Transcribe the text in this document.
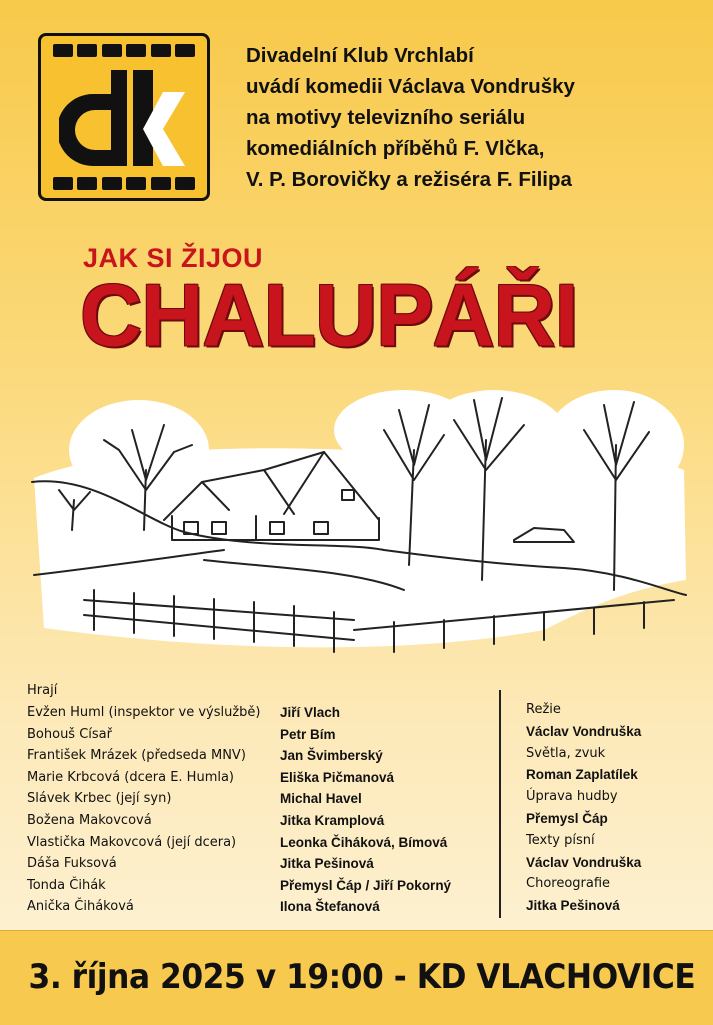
Divadelní Klub Vrchlabí
uvádí komedii Václava Vondrušky
na motivy televizního seriálu
komediálních příběhů F. Vlčka,
V. P. Borovičky a režiséra F. Filipa
JAK SI ŽIJOU
CHALUPÁŘI
Hrají
Evžen Huml (inspektor ve výslužbě)	Jiří Vlach
Bohouš Císař	Petr Bím
František Mrázek (předseda MNV)	Jan Švimberský
Marie Krbcová (dcera E. Humla)	Eliška Pičmanová
Slávek Krbec (její syn)	Michal Havel
Božena Makovcová	Jitka Kramplová
Vlastička Makovcová (její dcera)	Leonka Čiháková, Bímová
Dáša Fuksová	Jitka Pešinová
Tonda Čihák	Přemysl Čáp / Jiří Pokorný
Anička Čiháková	Ilona Štefanová
Režie
Václav Vondruška
Světla, zvuk
Roman Zaplatílek
Úprava hudby
Přemysl Čáp
Texty písní
Václav Vondruška
Choreografie
Jitka Pešinová
3. října 2025 v 19:00 - KD VLACHOVICE
